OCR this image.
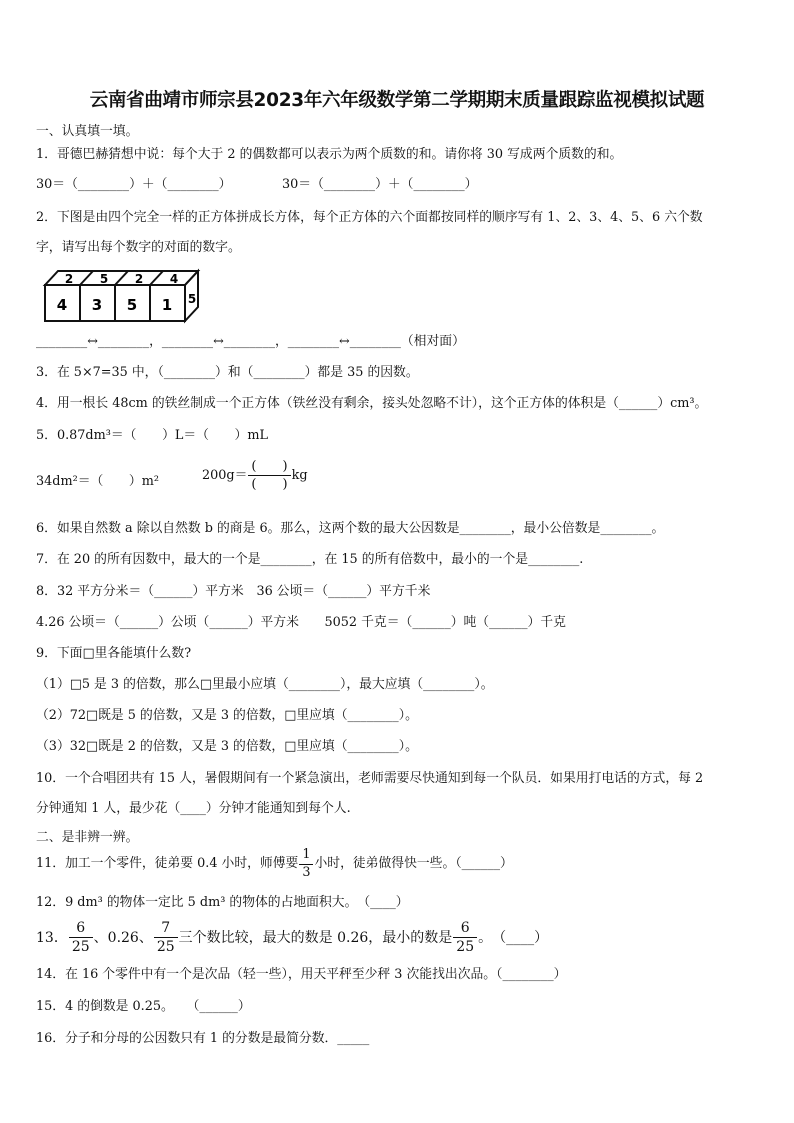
云南省曲靖市师宗县2023年六年级数学第二学期期末质量跟踪监视模拟试题
一、认真填一填。
1．哥德巴赫猜想中说：每个大于 2 的偶数都可以表示为两个质数的和。请你将 30 写成两个质数的和。
30＝（________）＋（________）	30＝（________）＋（________）
2．下图是由四个完全一样的正方体拼成长方体，每个正方体的六个面都按同样的顺序写有 1、2、3、4、5、6 六个数
字，请写出每个数字的对面的数字。
4 3 5 1
2 5 2 4
5
________↔________，________↔________，________↔________（相对面）
3．在 5×7=35 中，（________）和（________）都是 35 的因数。
4．用一根长 48cm 的铁丝制成一个正方体（铁丝没有剩余，接头处忽略不计），这个正方体的体积是（______）cm³。
5．0.87dm³＝（　　）L＝（　　）mL
34dm²＝（　　）m²	$200g= \frac{( )}{( )}$ kg
6．如果自然数 a 除以自然数 b 的商是 6。那么，这两个数的最大公因数是________，最小公倍数是________。
7．在 20 的所有因数中，最大的一个是________，在 15 的所有倍数中，最小的一个是________.
8．32 平方分米＝（______）平方米　36 公顷＝（______）平方千米
4.26 公顷＝（______）公顷（______）平方米　　5052 千克＝（______）吨（______）千克
9．下面□里各能填什么数?
（1）□5 是 3 的倍数，那么□里最小应填（________），最大应填（________）。
（2）72□既是 5 的倍数，又是 3 的倍数，□里应填（________）。
（3）32□既是 2 的倍数，又是 3 的倍数，□里应填（________）。
10．一个合唱团共有 15 人，暑假期间有一个紧急演出，老师需要尽快通知到每一个队员．如果用打电话的方式，每 2
分钟通知 1 人，最少花（____）分钟才能通知到每个人.
二、是非辨一辨。
11．加工一个零件，徒弟要 0.4 小时，师傅要 $\frac{1}{3}$ 小时，徒弟做得快一些。（______）
12．9 dm³ 的物体一定比 5 dm³ 的物体的占地面积大。　（____）
13． $\frac{6}{25}$ 、0.26、 $\frac{7}{25}$ 三个数比较，最大的数是 0.26，最小的数是 $\frac{6}{25}$ 。　（____）
14．在 16 个零件中有一个是次品（轻一些），用天平秤至少秤 3 次能找出次品。（________）
15．4 的倒数是 0.25。　　（______）
16．分子和分母的公因数只有 1 的分数是最简分数．_____
